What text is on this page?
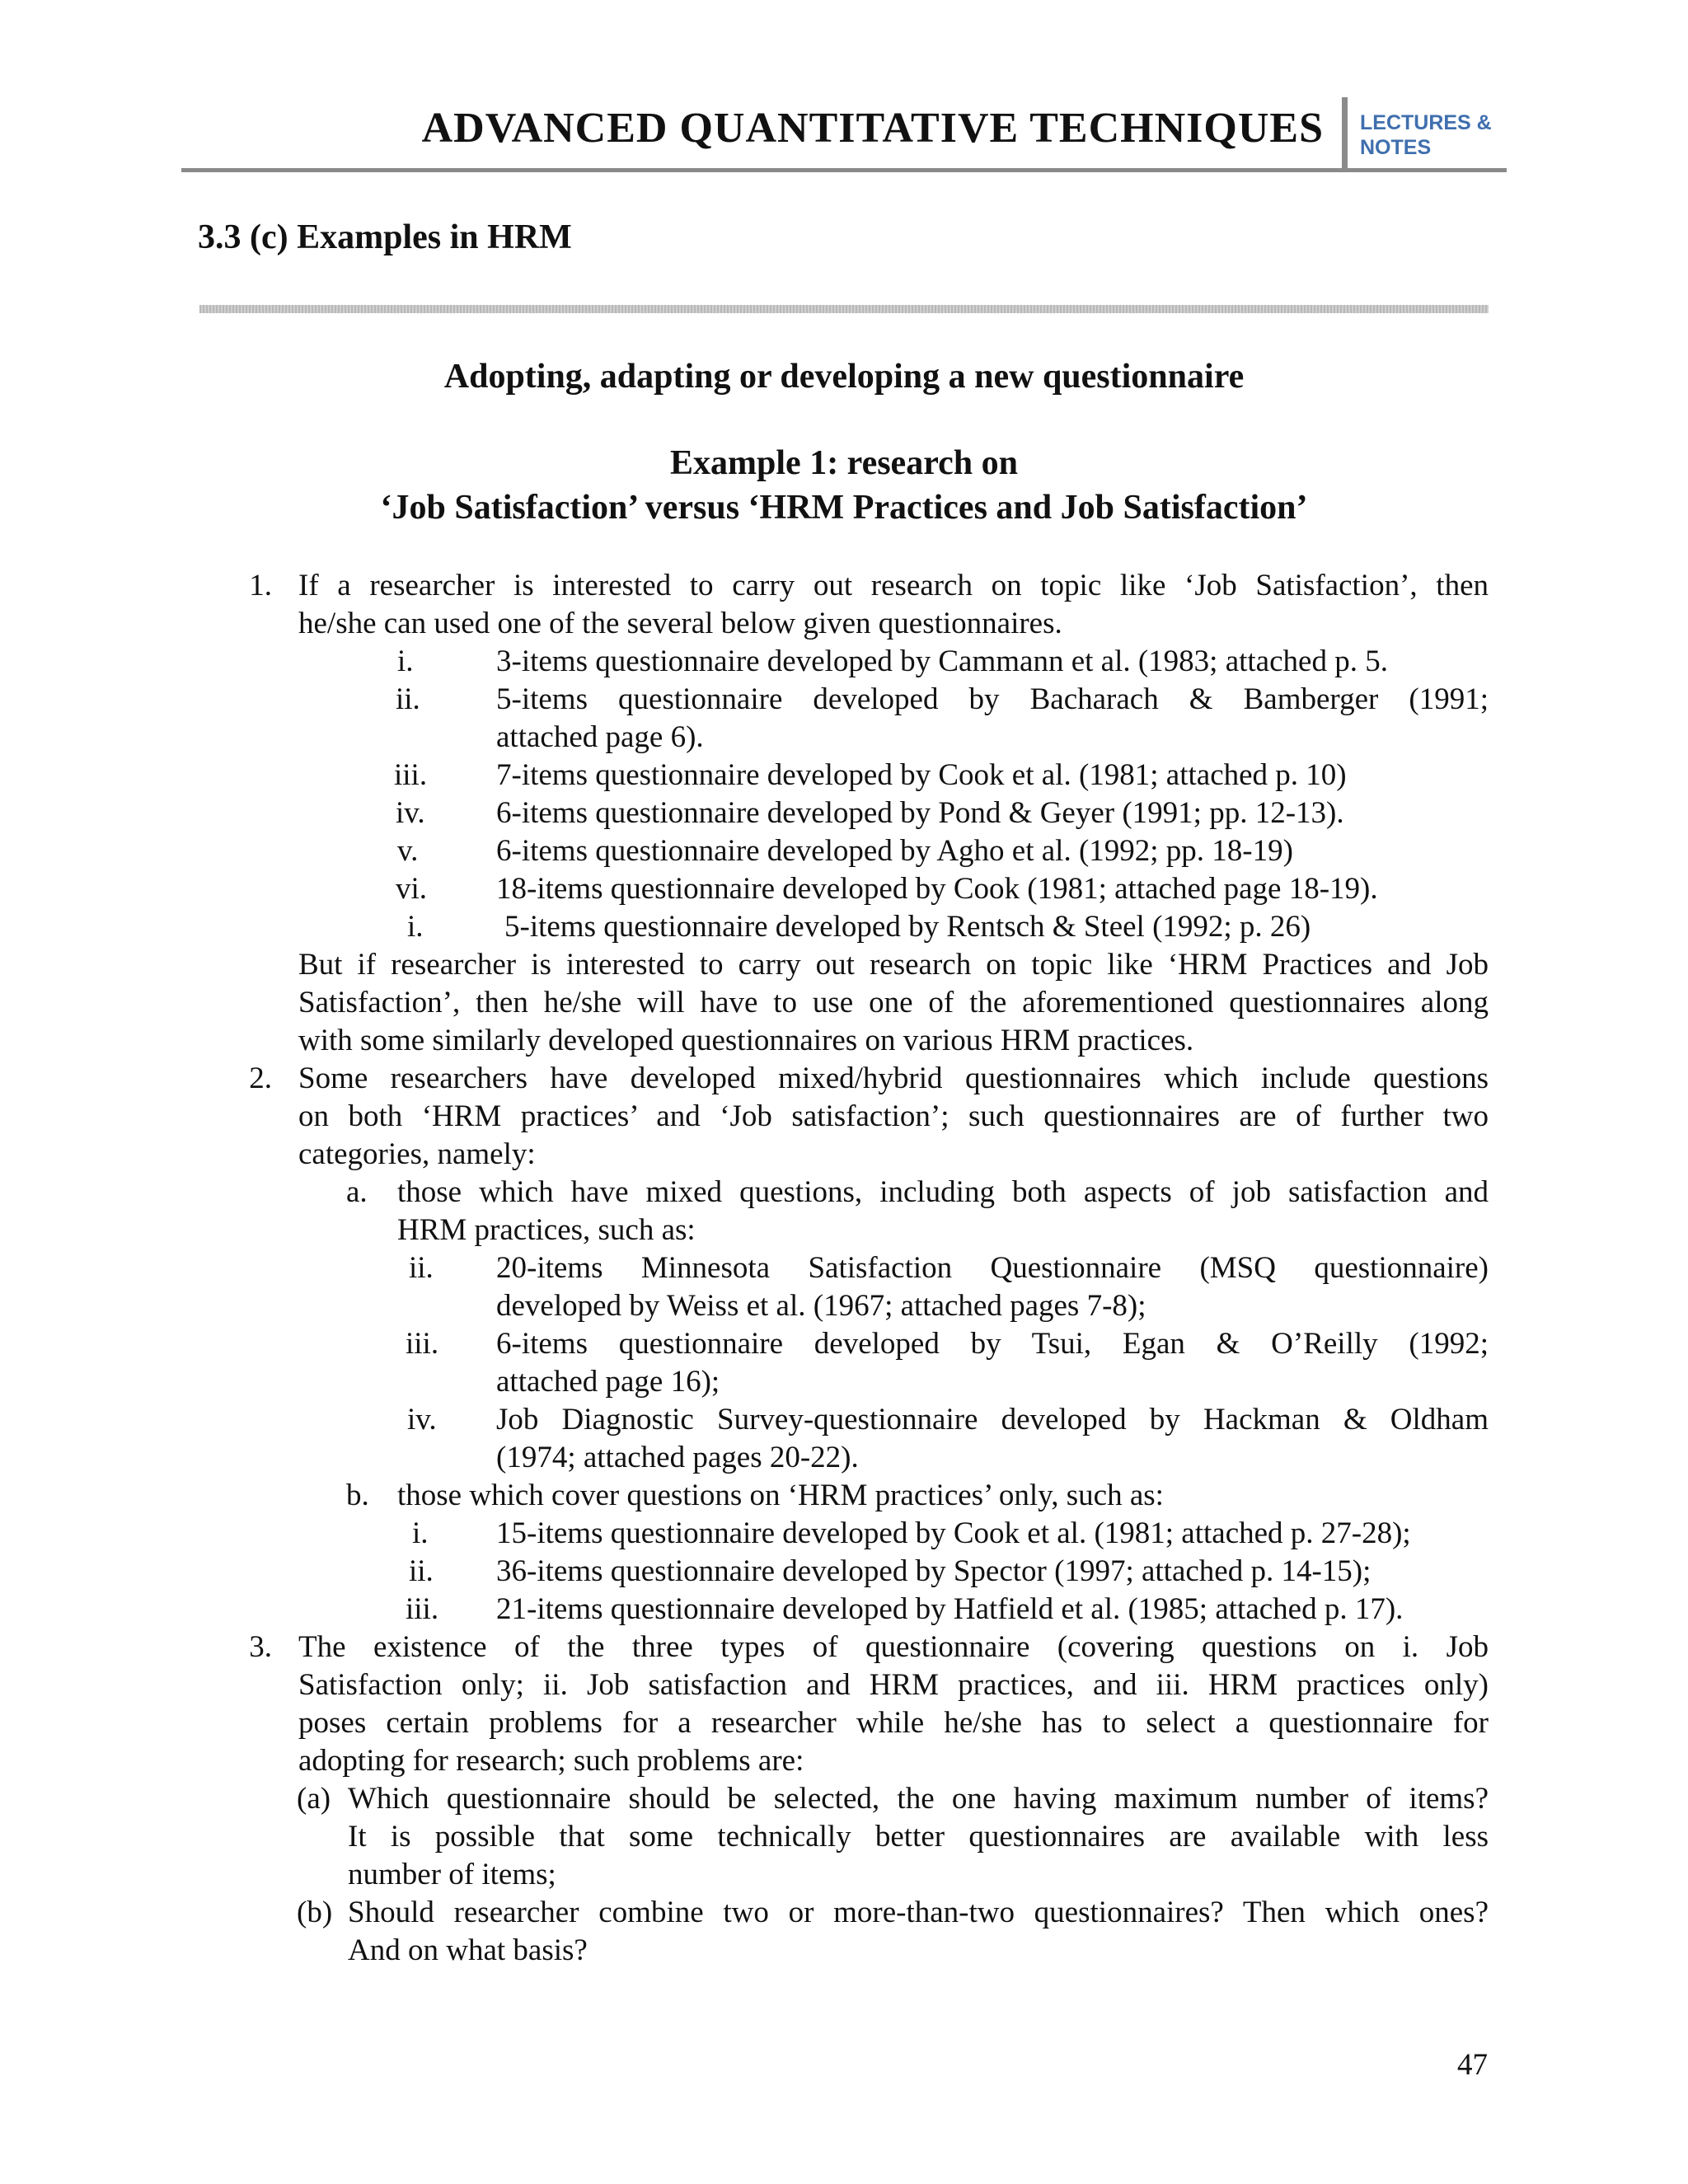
ADVANCED QUANTITATIVE TECHNIQUES LECTURES &
NOTES
3.3 (c) Examples in HRM
Adopting, adapting or developing a new questionnaire
Example 1: research on
‘Job Satisfaction’ versus ‘HRM Practices and Job Satisfaction’
1. If a researcher is interested to carry out research on topic like ‘Job Satisfaction’, then
he/she can used one of the several below given questionnaires.
i.	3-items questionnaire developed by Cammann et al. (1983; attached p. 5.
ii. 5-items questionnaire developed by Bacharach & Bamberger (1991;
attached page 6).
iii. 7-items questionnaire developed by Cook et al. (1981; attached p. 10)
iv. 6-items questionnaire developed by Pond & Geyer (1991; pp. 12-13).
v.	6-items questionnaire developed by Agho et al. (1992; pp. 18-19)
vi. 18-items questionnaire developed by Cook (1981; attached page 18-19).
i.	5-items questionnaire developed by Rentsch & Steel (1992; p. 26)
But if researcher is interested to carry out research on topic like ‘HRM Practices and Job
Satisfaction’, then he/she will have to use one of the aforementioned questionnaires along
with some similarly developed questionnaires on various HRM practices.
2. Some researchers have developed mixed/hybrid questionnaires which include questions
on both ‘HRM practices’ and ‘Job satisfaction’; such questionnaires are of further two
categories, namely:
a. those which have mixed questions, including both aspects of job satisfaction and
HRM practices, such as:
ii. 20-items Minnesota Satisfaction Questionnaire (MSQ questionnaire)
developed by Weiss et al. (1967; attached pages 7-8);
iii. 6-items questionnaire developed by Tsui, Egan & O’Reilly (1992;
attached page 16);
iv. Job Diagnostic Survey-questionnaire developed by Hackman & Oldham
(1974; attached pages 20-22).
b. those which cover questions on ‘HRM practices’ only, such as:
i. 15-items questionnaire developed by Cook et al. (1981; attached p. 27-28);
ii. 36-items questionnaire developed by Spector (1997; attached p. 14-15);
iii. 21-items questionnaire developed by Hatfield et al. (1985; attached p. 17).
3. The existence of the three types of questionnaire (covering questions on i. Job
Satisfaction only; ii. Job satisfaction and HRM practices, and iii. HRM practices only)
poses certain problems for a researcher while he/she has to select a questionnaire for
adopting for research; such problems are:
(a) Which questionnaire should be selected, the one having maximum number of items?
It is possible that some technically better questionnaires are available with less
number of items;
(b) Should researcher combine two or more-than-two questionnaires? Then which ones?
And on what basis?
47
